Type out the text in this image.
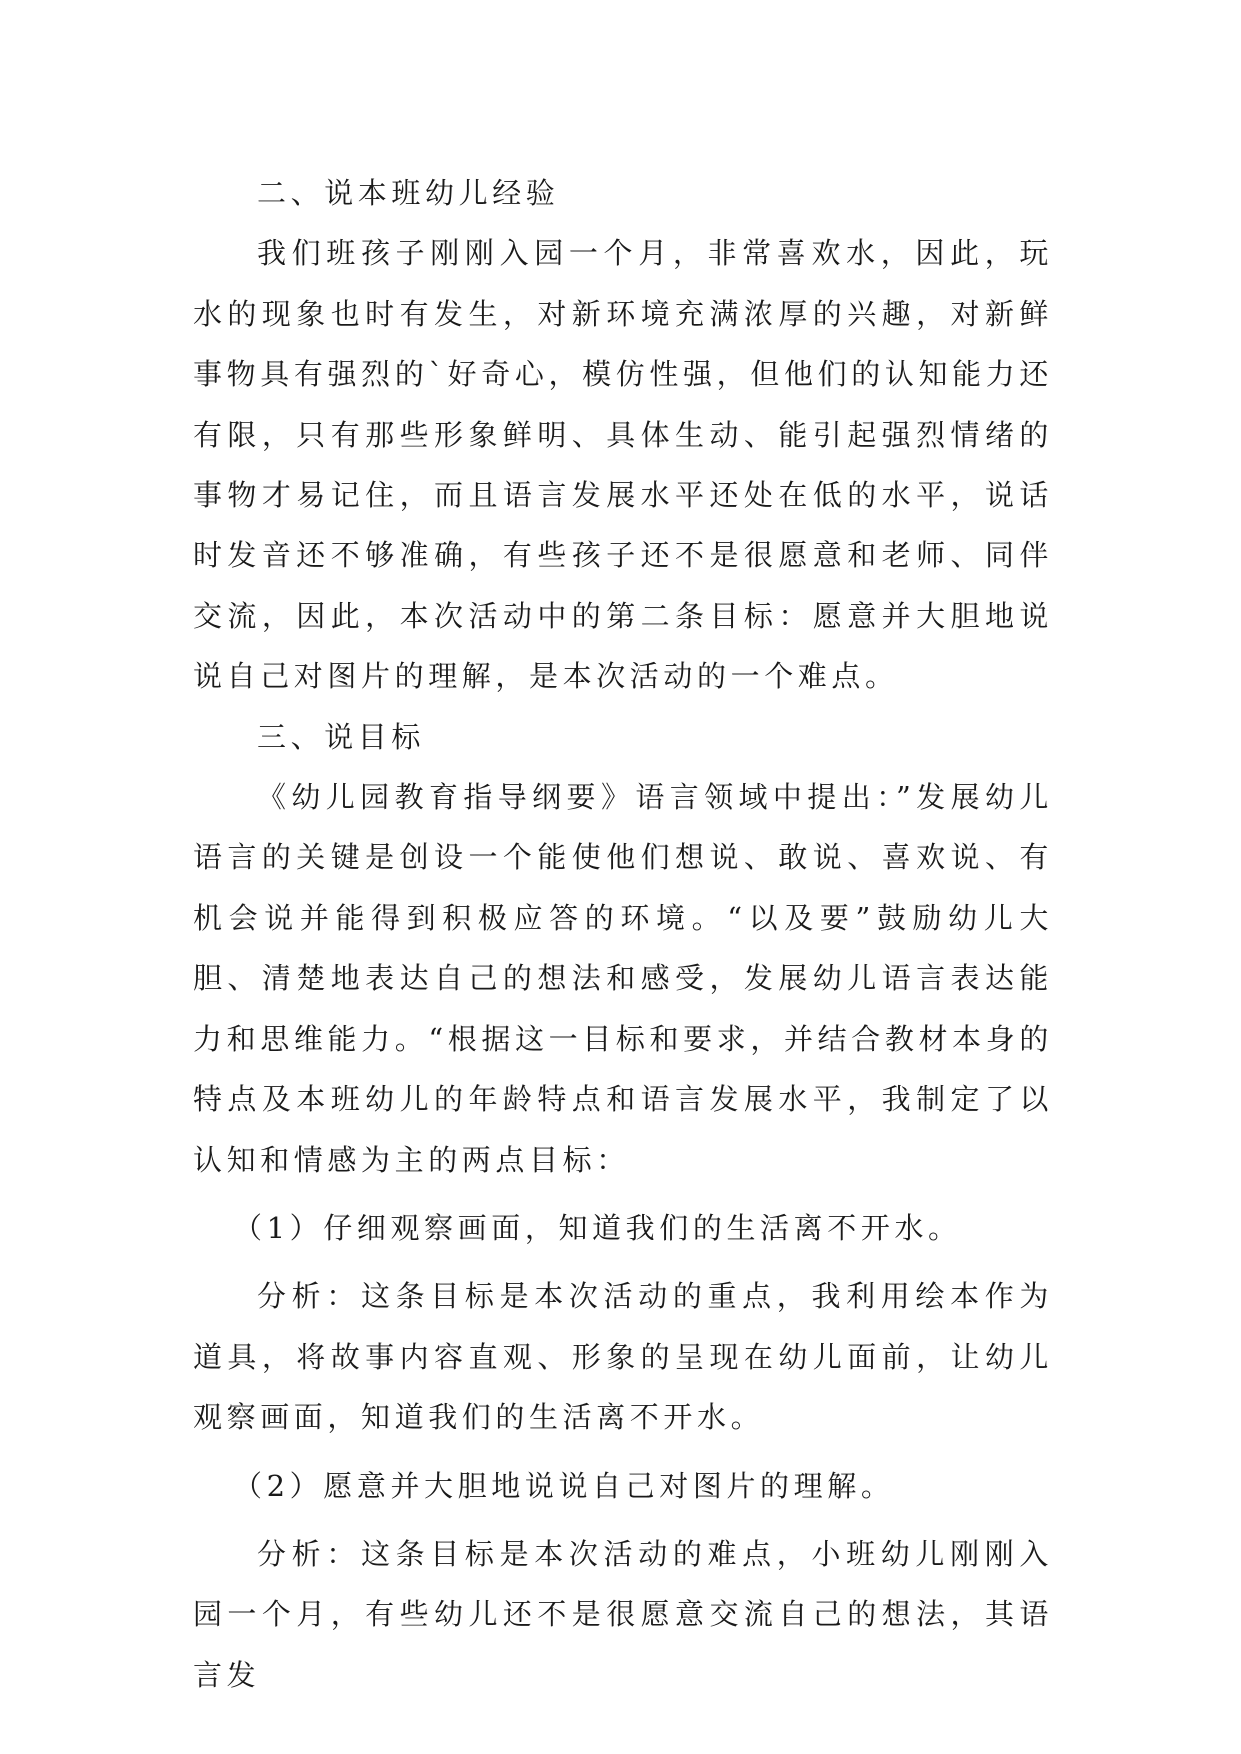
二、说本班幼儿经验

我们班孩子刚刚入园一个月，非常喜欢水，因此，玩水的现象也时有发生，对新环境充满浓厚的兴趣，对新鲜事物具有强烈的`好奇心，模仿性强，但他们的认知能力还有限，只有那些形象鲜明、具体生动、能引起强烈情绪的事物才易记住，而且语言发展水平还处在低的水平，说话时发音还不够准确，有些孩子还不是很愿意和老师、同伴交流，因此，本次活动中的第二条目标：愿意并大胆地说说自己对图片的理解，是本次活动的一个难点。

三、说目标

《幼儿园教育指导纲要》语言领域中提出：”发展幼儿语言的关键是创设一个能使他们想说、敢说、喜欢说、有机会说并能得到积极应答的环境。“以及要”鼓励幼儿大胆、清楚地表达自己的想法和感受，发展幼儿语言表达能力和思维能力。“根据这一目标和要求，并结合教材本身的特点及本班幼儿的年龄特点和语言发展水平，我制定了以认知和情感为主的两点目标：

（1）仔细观察画面，知道我们的生活离不开水。

分析：这条目标是本次活动的重点，我利用绘本作为道具，将故事内容直观、形象的呈现在幼儿面前，让幼儿观察画面，知道我们的生活离不开水。

（2）愿意并大胆地说说自己对图片的理解。

分析：这条目标是本次活动的难点，小班幼儿刚刚入园一个月，有些幼儿还不是很愿意交流自己的想法，其语言发
